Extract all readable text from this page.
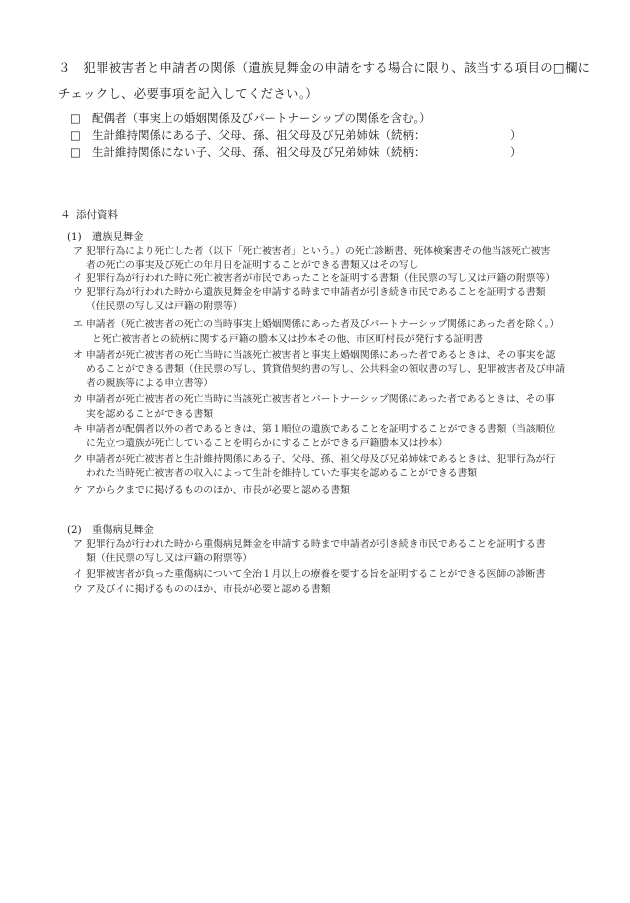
３　犯罪被害者と申請者の関係（遺族見舞金の申請をする場合に限り、該当する項目の□欄に
チェックし、必要事項を記入してください。）
□ 配偶者（事実上の婚姻関係及びパートナーシップの関係を含む。）
□ 生計維持関係にある子、父母、孫、祖父母及び兄弟姉妹（続柄：	）
□ 生計維持関係にない子、父母、孫、祖父母及び兄弟姉妹（続柄：	）
４ 添付資料
(1) 遺族見舞金
ア 犯罪行為により死亡した者（以下「死亡被害者」という。）の死亡診断書、死体検案書その他当該死亡被害
者の死亡の事実及び死亡の年月日を証明することができる書類又はその写し
イ 犯罪行為が行われた時に死亡被害者が市民であったことを証明する書類（住民票の写し又は戸籍の附票等）
ウ 犯罪行為が行われた時から遺族見舞金を申請する時まで申請者が引き続き市民であることを証明する書類
（住民票の写し又は戸籍の附票等）
エ 申請者（死亡被害者の死亡の当時事実上婚姻関係にあった者及びパートナーシップ関係にあった者を除く。）
と死亡被害者との続柄に関する戸籍の謄本又は抄本その他、市区町村長が発行する証明書
オ 申請者が死亡被害者の死亡当時に当該死亡被害者と事実上婚姻関係にあった者であるときは、その事実を認
めることができる書類（住民票の写し、賃貸借契約書の写し、公共料金の領収書の写し、犯罪被害者及び申請
者の親族等による申立書等）
カ 申請者が死亡被害者の死亡当時に当該死亡被害者とパートナーシップ関係にあった者であるときは、その事
実を認めることができる書類
キ 申請者が配偶者以外の者であるときは、第１順位の遺族であることを証明することができる書類（当該順位
に先立つ遺族が死亡していることを明らかにすることができる戸籍謄本又は抄本）
ク 申請者が死亡被害者と生計維持関係にある子、父母、孫、祖父母及び兄弟姉妹であるときは、犯罪行為が行
われた当時死亡被害者の収入によって生計を維持していた事実を認めることができる書類
ケ アからクまでに掲げるもののほか、市長が必要と認める書類
(2) 重傷病見舞金
ア 犯罪行為が行われた時から重傷病見舞金を申請する時まで申請者が引き続き市民であることを証明する書
類（住民票の写し又は戸籍の附票等）
イ 犯罪被害者が負った重傷病について全治１月以上の療養を要する旨を証明することができる医師の診断書
ウ ア及びイに掲げるもののほか、市長が必要と認める書類
